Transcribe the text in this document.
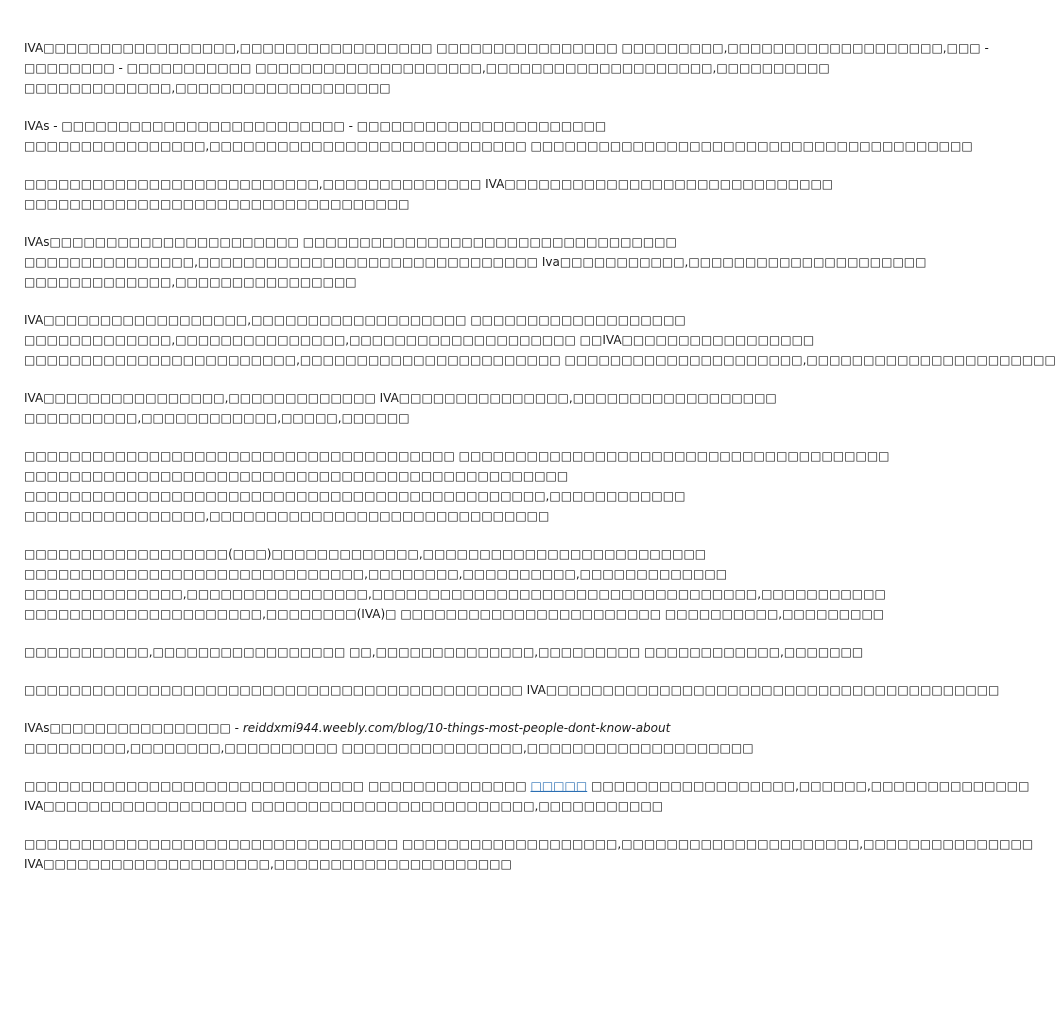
IVA□□□□□□□□□□□□□□□□□,□□□□□□□□□□□□□□□□□ □□□□□□□□□□□□□□□□ □□□□□□□□□,□□□□□□□□□□□□□□□□□□□,□□□ -
□□□□□□□□ - □□□□□□□□□□□ □□□□□□□□□□□□□□□□□□□□,□□□□□□□□□□□□□□□□□□□□,□□□□□□□□□□
□□□□□□□□□□□□□,□□□□□□□□□□□□□□□□□□□

IVAs - □□□□□□□□□□□□□□□□□□□□□□□□□ - □□□□□□□□□□□□□□□□□□□□□□
□□□□□□□□□□□□□□□□,□□□□□□□□□□□□□□□□□□□□□□□□□□□□ □□□□□□□□□□□□□□□□□□□□□□□□□□□□□□□□□□□□□□□

□□□□□□□□□□□□□□□□□□□□□□□□□□,□□□□□□□□□□□□□□ IVA□□□□□□□□□□□□□□□□□□□□□□□□□□□□□
□□□□□□□□□□□□□□□□□□□□□□□□□□□□□□□□□□

IVAs□□□□□□□□□□□□□□□□□□□□□□ □□□□□□□□□□□□□□□□□□□□□□□□□□□□□□□□□
□□□□□□□□□□□□□□□,□□□□□□□□□□□□□□□□□□□□□□□□□□□□□□ Iva□□□□□□□□□□□,□□□□□□□□□□□□□□□□□□□□□
□□□□□□□□□□□□□,□□□□□□□□□□□□□□□□

IVA□□□□□□□□□□□□□□□□□□,□□□□□□□□□□□□□□□□□□□ □□□□□□□□□□□□□□□□□□□
□□□□□□□□□□□□□,□□□□□□□□□□□□□□□,□□□□□□□□□□□□□□□□□□□□ □□IVA□□□□□□□□□□□□□□□□□
□□□□□□□□□□□□□□□□□□□□□□□□,□□□□□□□□□□□□□□□□□□□□□□□ □□□□□□□□□□□□□□□□□□□□□,□□□□□□□□□□□□□□□□□□□□□□

IVA□□□□□□□□□□□□□□□□,□□□□□□□□□□□□□ IVA□□□□□□□□□□□□□□□,□□□□□□□□□□□□□□□□□□
□□□□□□□□□□,□□□□□□□□□□□□,□□□□□,□□□□□□

□□□□□□□□□□□□□□□□□□□□□□□□□□□□□□□□□□□□□□ □□□□□□□□□□□□□□□□□□□□□□□□□□□□□□□□□□□□□□
□□□□□□□□□□□□□□□□□□□□□□□□□□□□□□□□□□□□□□□□□□□□□□□□
□□□□□□□□□□□□□□□□□□□□□□□□□□□□□□□□□□□□□□□□□□□□□□,□□□□□□□□□□□□
□□□□□□□□□□□□□□□□,□□□□□□□□□□□□□□□□□□□□□□□□□□□□□□

□□□□□□□□□□□□□□□□□□(□□□)□□□□□□□□□□□□□,□□□□□□□□□□□□□□□□□□□□□□□□□
□□□□□□□□□□□□□□□□□□□□□□□□□□□□□□,□□□□□□□□,□□□□□□□□□□,□□□□□□□□□□□□□
□□□□□□□□□□□□□□,□□□□□□□□□□□□□□□□,□□□□□□□□□□□□□□□□□□□□□□□□□□□□□□□□□□,□□□□□□□□□□□
□□□□□□□□□□□□□□□□□□□□□,□□□□□□□□(IVA)□ □□□□□□□□□□□□□□□□□□□□□□□ □□□□□□□□□□,□□□□□□□□□

□□□□□□□□□□□,□□□□□□□□□□□□□□□□□ □□,□□□□□□□□□□□□□□,□□□□□□□□□ □□□□□□□□□□□□,□□□□□□□

□□□□□□□□□□□□□□□□□□□□□□□□□□□□□□□□□□□□□□□□□□□□ IVA□□□□□□□□□□□□□□□□□□□□□□□□□□□□□□□□□□□□□□□□

IVAs□□□□□□□□□□□□□□□□ - reiddxmi944.weebly.com/blog/10-things-most-people-dont-know-about
□□□□□□□□□,□□□□□□□□,□□□□□□□□□□ □□□□□□□□□□□□□□□□,□□□□□□□□□□□□□□□□□□□□

□□□□□□□□□□□□□□□□□□□□□□□□□□□□□□ □□□□□□□□□□□□□□ □□□□□ □□□□□□□□□□□□□□□□□□,□□□□□□,□□□□□□□□□□□□□□
IVA□□□□□□□□□□□□□□□□□□ □□□□□□□□□□□□□□□□□□□□□□□□□,□□□□□□□□□□□

□□□□□□□□□□□□□□□□□□□□□□□□□□□□□□□□□ □□□□□□□□□□□□□□□□□□□,□□□□□□□□□□□□□□□□□□□□□,□□□□□□□□□□□□□□□
IVA□□□□□□□□□□□□□□□□□□□□,□□□□□□□□□□□□□□□□□□□□□
